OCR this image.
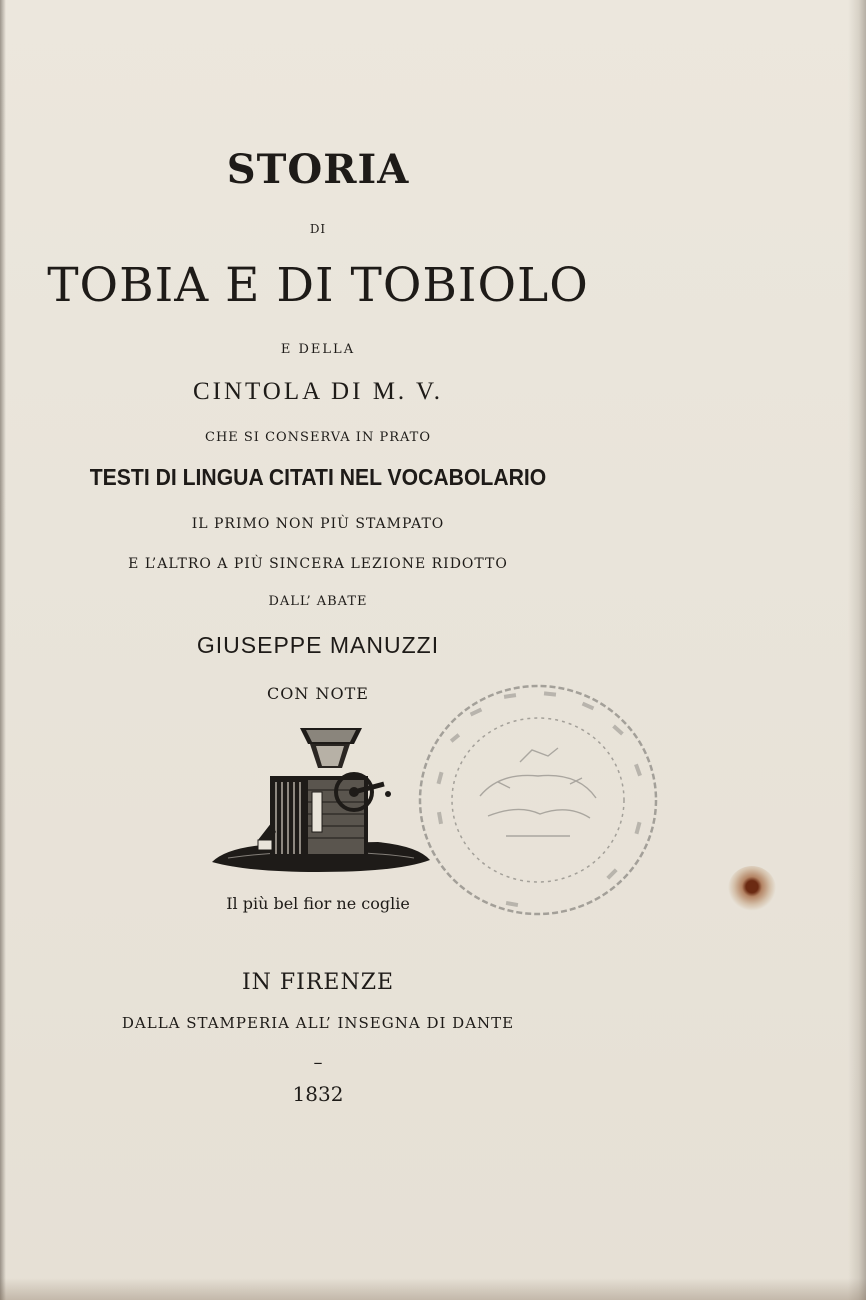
STORIA
DI
TOBIA E DI TOBIOLO
E DELLA
CINTOLA DI M. V.
CHE SI CONSERVA IN PRATO
TESTI DI LINGUA CITATI NEL VOCABOLARIO
IL PRIMO NON PIÙ STAMPATO
E L’ALTRO A PIÙ SINCERA LEZIONE RIDOTTO
DALL’ ABATE
GIUSEPPE MANUZZI
CON NOTE
Il più bel fior ne coglie
IN FIRENZE
DALLA STAMPERIA ALL’ INSEGNA DI DANTE
–
1832
